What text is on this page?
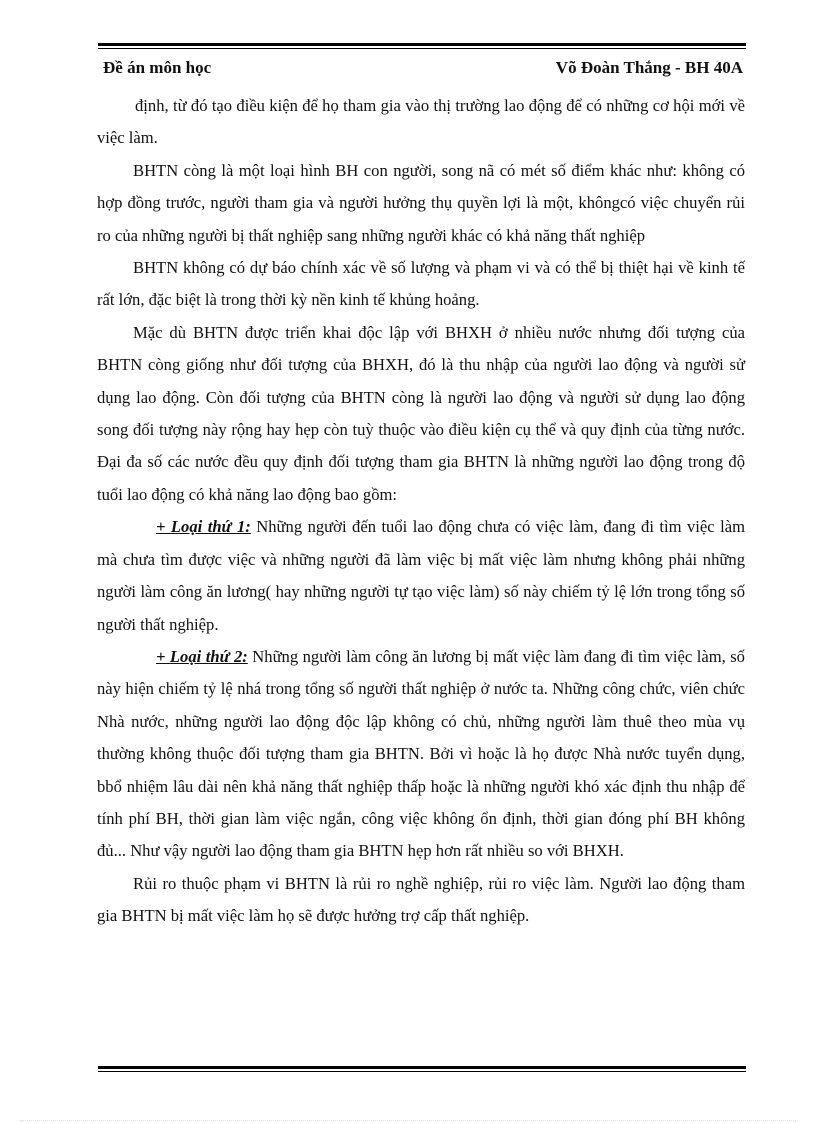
Đề án môn học	Võ Đoàn Thắng - BH 40A

định, từ đó tạo điều kiện để họ tham gia vào thị trường lao động để có những cơ hội mới về việc làm.

BHTN còng là một loại hình BH con người, song nã có mét số điểm khác như: không có hợp đồng trước, người tham gia và người hưởng thụ quyền lợi là một, khôngcó việc chuyển rủi ro của những người bị thất nghiệp sang những người khác có khả năng thất nghiệp

BHTN không có dự báo chính xác về số lượng và phạm vi và có thể bị thiệt hại về kinh tế rất lớn, đặc biệt là trong thời kỳ nền kinh tế khủng hoảng.

Mặc dù BHTN được triển khai độc lập với BHXH ở nhiều nước nhưng đối tượng của BHTN còng giống như đối tượng của BHXH, đó là thu nhập của người lao động và người sử dụng lao động. Còn đối tượng của BHTN còng là người lao động và người sử dụng lao động song đối tượng này rộng hay hẹp còn tuỳ thuộc vào điều kiện cụ thể và quy định của từng nước. Đại đa số các nước đều quy định đối tượng tham gia BHTN là những người lao động trong độ tuổi lao động có khả năng lao động bao gồm:

+ Loại thứ 1: Những người đến tuổi lao động chưa có việc làm, đang đi tìm việc làm mà chưa tìm được việc và những người đã làm việc bị mất việc làm nhưng không phải những người làm công ăn lương( hay những người tự tạo việc làm) số này chiếm tỷ lệ lớn trong tổng số người thất nghiệp.

+ Loại thứ 2: Những người làm công ăn lương bị mất việc làm đang đi tìm việc làm, số này hiện chiếm tỷ lệ nhá trong tổng số người thất nghiệp ở nước ta. Những công chức, viên chức Nhà nước, những người lao động độc lập không có chủ, những người làm thuê theo mùa vụ thường không thuộc đối tượng tham gia BHTN. Bởi vì hoặc là họ được Nhà nước tuyển dụng, bbổ nhiệm lâu dài nên khả năng thất nghiệp thấp hoặc là những người khó xác định thu nhập để tính phí BH, thời gian làm việc ngắn, công việc không ổn định, thời gian đóng phí BH không đủ... Như vậy người lao động tham gia BHTN hẹp hơn rất nhiều so với BHXH.

Rủi ro thuộc phạm vi BHTN là rủi ro nghề nghiệp, rủi ro việc làm. Người lao động tham gia BHTN bị mất việc làm họ sẽ được hưởng trợ cấp thất nghiệp.
